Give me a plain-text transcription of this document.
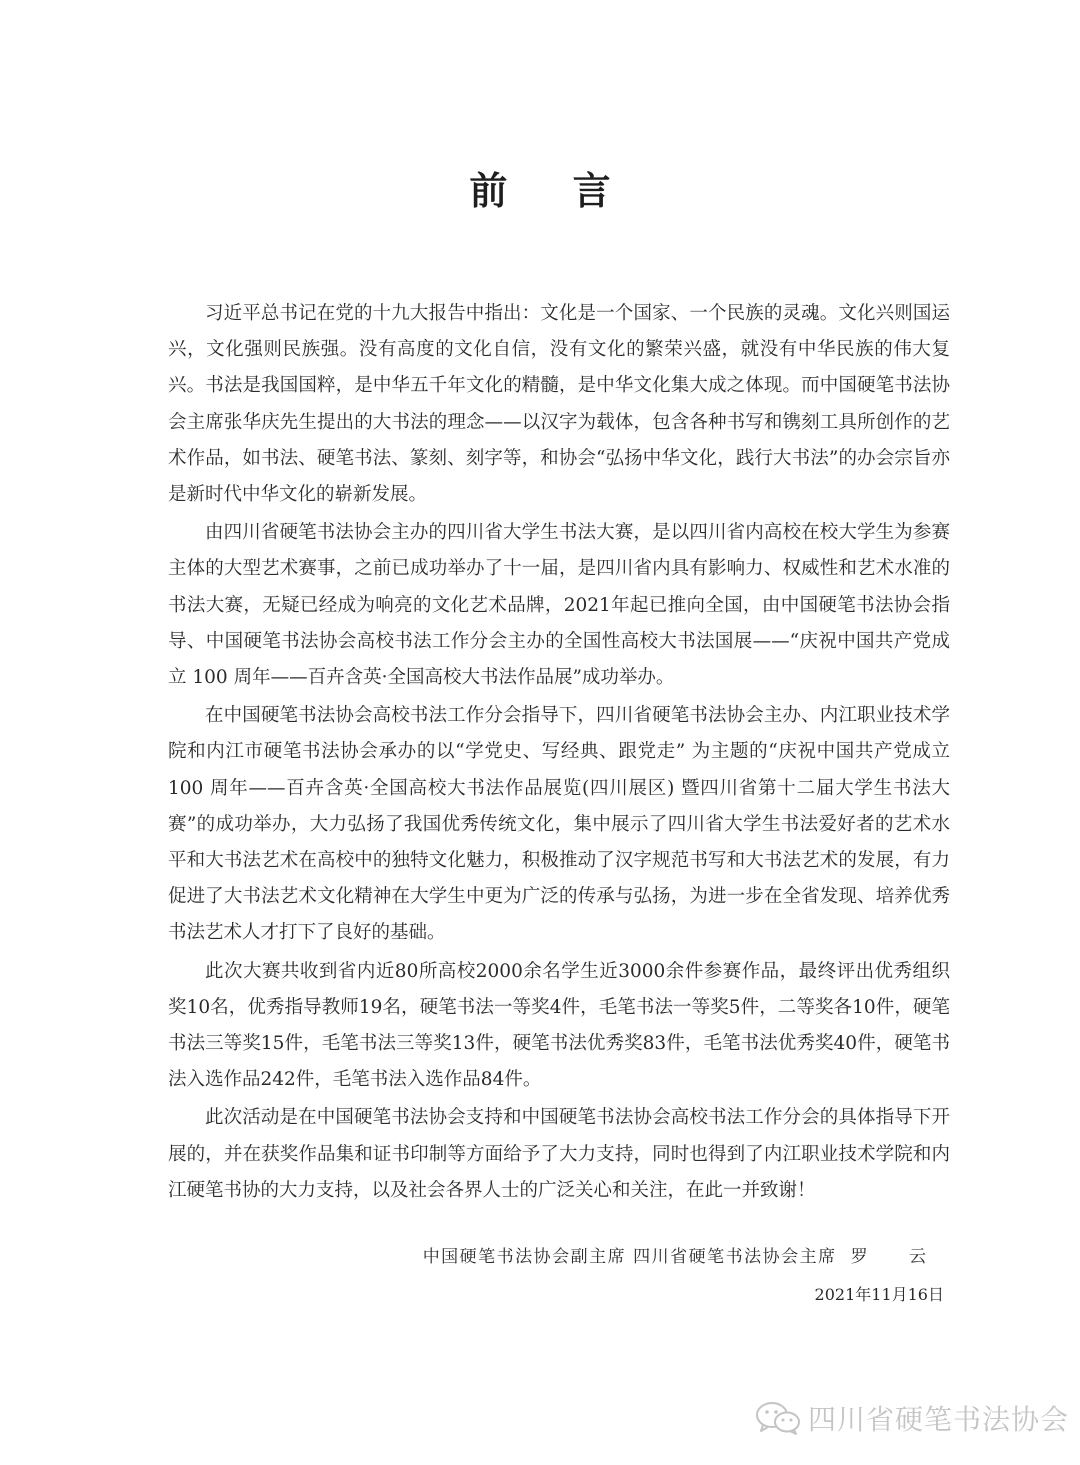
前 言

习近平总书记在党的十九大报告中指出：文化是一个国家、一个民族的灵魂。文化兴则国运兴，文化强则民族强。没有高度的文化自信，没有文化的繁荣兴盛，就没有中华民族的伟大复兴。书法是我国国粹，是中华五千年文化的精髓，是中华文化集大成之体现。而中国硬笔书法协会主席张华庆先生提出的大书法的理念——以汉字为载体，包含各种书写和镌刻工具所创作的艺术作品，如书法、硬笔书法、篆刻、刻字等，和协会“弘扬中华文化，践行大书法”的办会宗旨亦是新时代中华文化的崭新发展。

由四川省硬笔书法协会主办的四川省大学生书法大赛，是以四川省内高校在校大学生为参赛主体的大型艺术赛事，之前已成功举办了十一届，是四川省内具有影响力、权威性和艺术水准的书法大赛，无疑已经成为响亮的文化艺术品牌，2021年起已推向全国，由中国硬笔书法协会指导、中国硬笔书法协会高校书法工作分会主办的全国性高校大书法国展——“庆祝中国共产党成立 100 周年——百卉含英·全国高校大书法作品展”成功举办。

在中国硬笔书法协会高校书法工作分会指导下，四川省硬笔书法协会主办、内江职业技术学院和内江市硬笔书法协会承办的以“学党史、写经典、跟党走” 为主题的“庆祝中国共产党成立 100 周年——百卉含英·全国高校大书法作品展览(四川展区) 暨四川省第十二届大学生书法大赛”的成功举办，大力弘扬了我国优秀传统文化，集中展示了四川省大学生书法爱好者的艺术水平和大书法艺术在高校中的独特文化魅力，积极推动了汉字规范书写和大书法艺术的发展，有力促进了大书法艺术文化精神在大学生中更为广泛的传承与弘扬，为进一步在全省发现、培养优秀书法艺术人才打下了良好的基础。

此次大赛共收到省内近80所高校2000余名学生近3000余件参赛作品，最终评出优秀组织奖10名，优秀指导教师19名，硬笔书法一等奖4件，毛笔书法一等奖5件，二等奖各10件，硬笔书法三等奖15件，毛笔书法三等奖13件，硬笔书法优秀奖83件，毛笔书法优秀奖40件，硬笔书法入选作品242件，毛笔书法入选作品84件。

此次活动是在中国硬笔书法协会支持和中国硬笔书法协会高校书法工作分会的具体指导下开展的，并在获奖作品集和证书印制等方面给予了大力支持，同时也得到了内江职业技术学院和内江硬笔书协的大力支持，以及社会各界人士的广泛关心和关注，在此一并致谢！

中国硬笔书法协会副主席 四川省硬笔书法协会主席 罗 云
2021年11月16日
四川省硬笔书法协会
